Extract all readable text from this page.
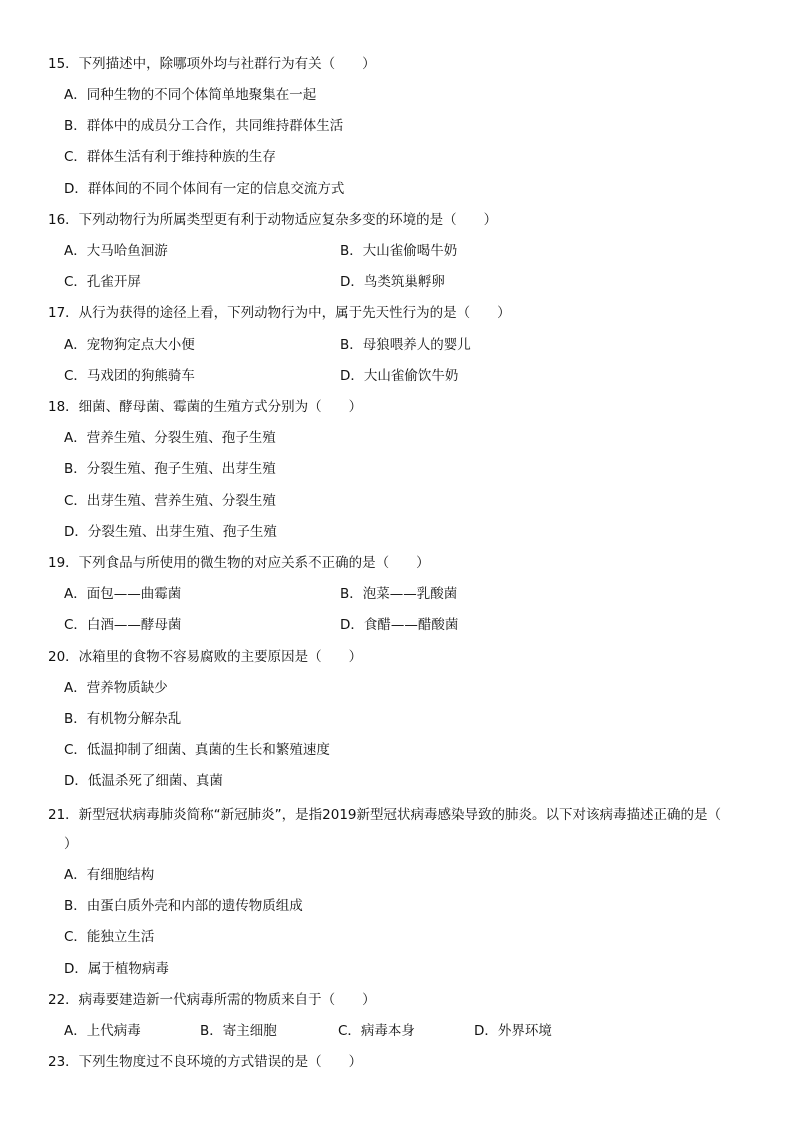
15．下列描述中，除哪项外均与社群行为有关（　　）
A．同种生物的不同个体简单地聚集在一起
B．群体中的成员分工合作，共同维持群体生活
C．群体生活有利于维持种族的生存
D．群体间的不同个体间有一定的信息交流方式
16．下列动物行为所属类型更有利于动物适应复杂多变的环境的是（　　）
A．大马哈鱼洄游	B．大山雀偷喝牛奶
C．孔雀开屏	D．鸟类筑巢孵卵
17．从行为获得的途径上看，下列动物行为中，属于先天性行为的是（　　）
A．宠物狗定点大小便	B．母狼喂养人的婴儿
C．马戏团的狗熊骑车	D．大山雀偷饮牛奶
18．细菌、酵母菌、霉菌的生殖方式分别为（　　）
A．营养生殖、分裂生殖、孢子生殖
B．分裂生殖、孢子生殖、出芽生殖
C．出芽生殖、营养生殖、分裂生殖
D．分裂生殖、出芽生殖、孢子生殖
19．下列食品与所使用的微生物的对应关系不正确的是（　　）
A．面包——曲霉菌	B．泡菜——乳酸菌
C．白酒——酵母菌	D．食醋——醋酸菌
20．冰箱里的食物不容易腐败的主要原因是（　　）
A．营养物质缺少
B．有机物分解杂乱
C．低温抑制了细菌、真菌的生长和繁殖速度
D．低温杀死了细菌、真菌
21．新型冠状病毒肺炎简称“新冠肺炎”，是指2019新型冠状病毒感染导致的肺炎。以下对该病毒描述正确的是（
）
A．有细胞结构
B．由蛋白质外壳和内部的遗传物质组成
C．能独立生活
D．属于植物病毒
22．病毒要建造新一代病毒所需的物质来自于（　　）
A．上代病毒	B．寄主细胞	C．病毒本身	D．外界环境
23．下列生物度过不良环境的方式错误的是（　　）
